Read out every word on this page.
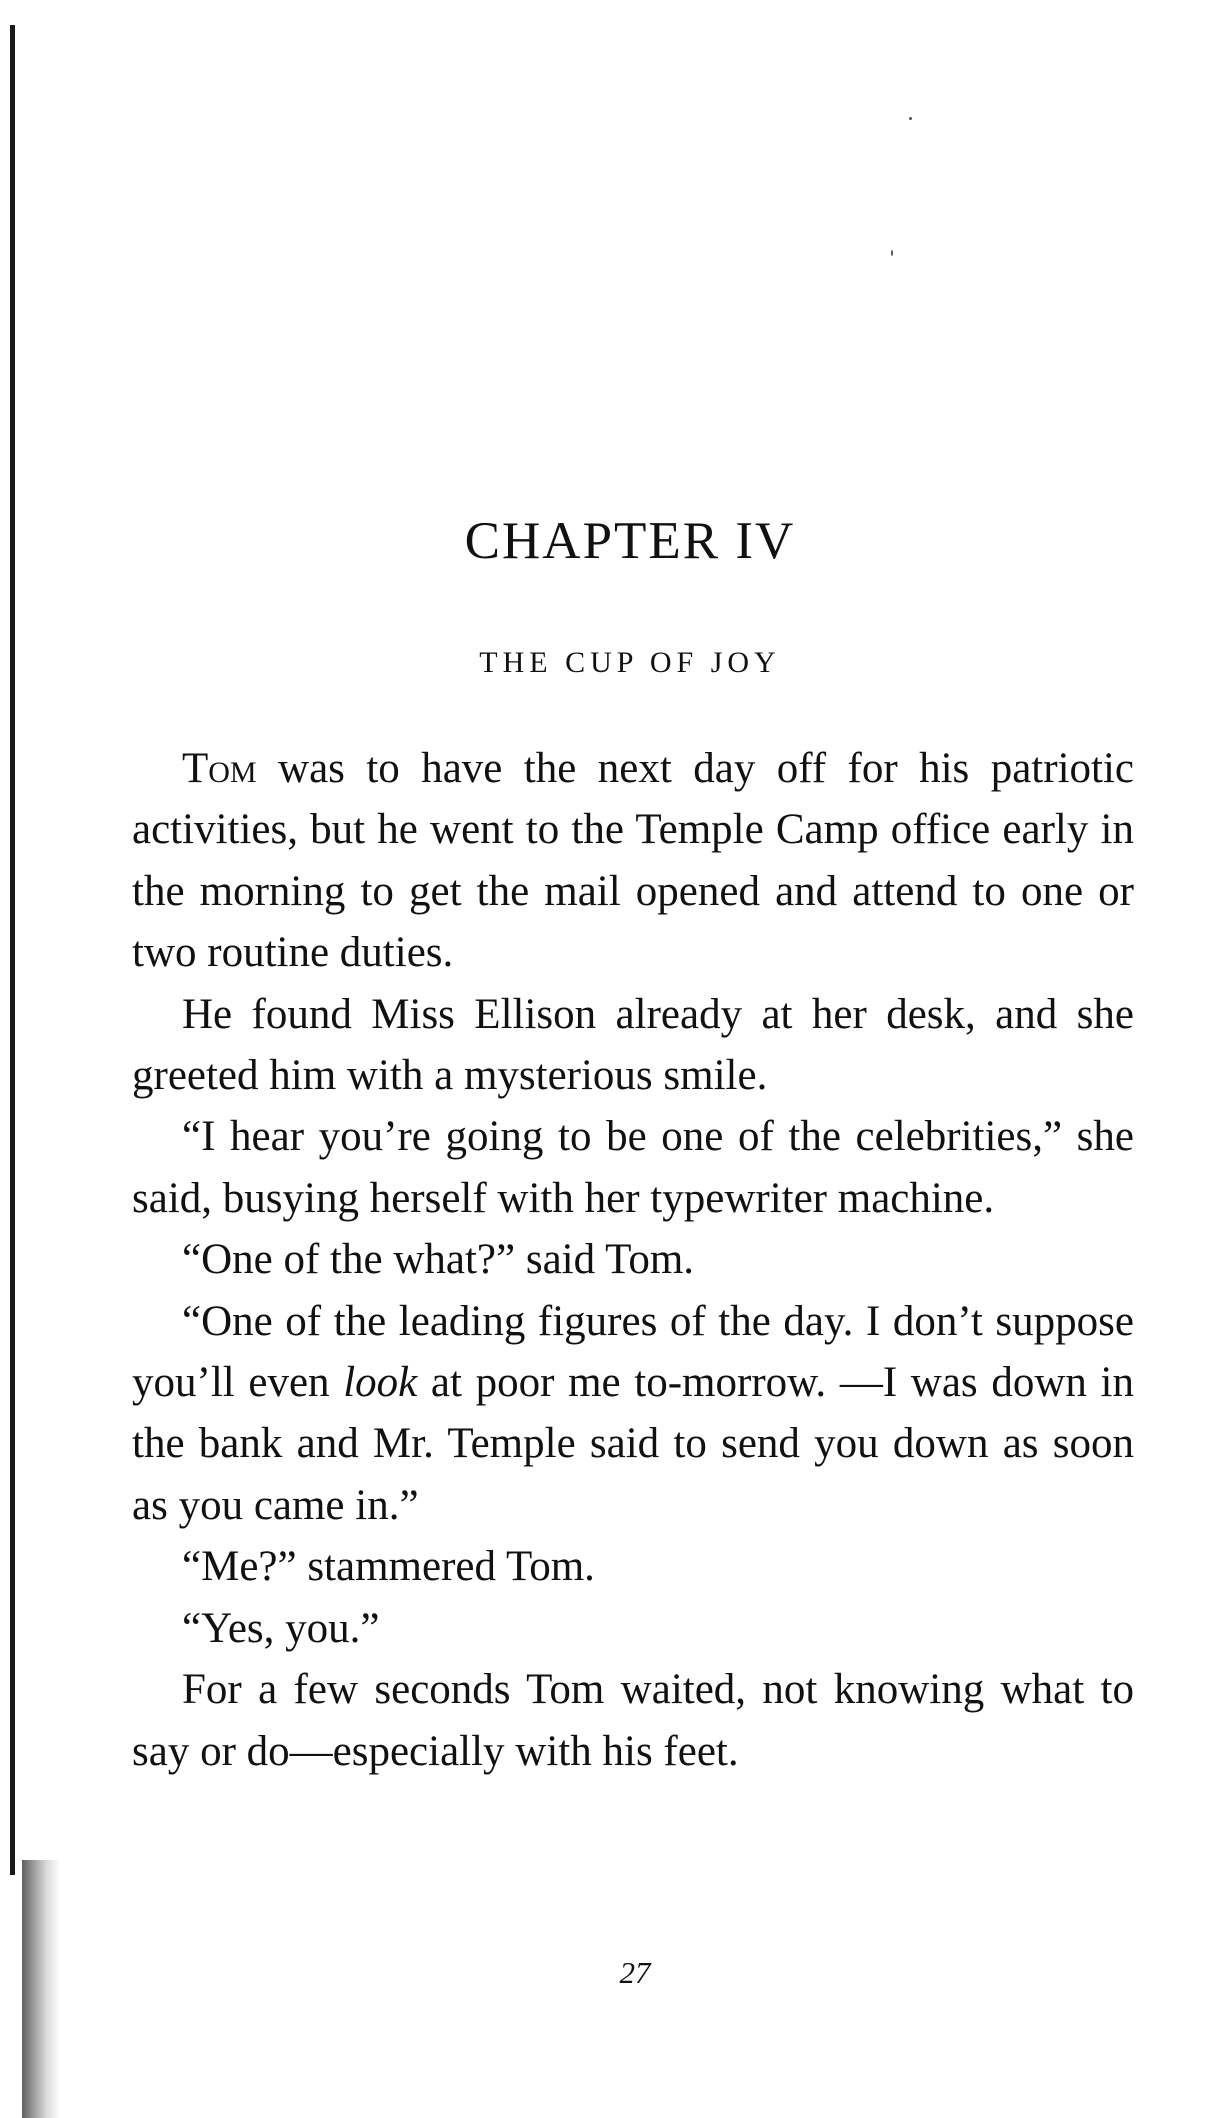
CHAPTER IV
THE CUP OF JOY

Tom was to have the next day off for his patriotic activities, but he went to the Temple Camp office early in the morning to get the mail opened and attend to one or two routine duties.

He found Miss Ellison already at her desk, and she greeted him with a mysterious smile.

“I hear you’re going to be one of the celebrities,” she said, busying herself with her typewriter machine.

“One of the what?” said Tom.

“One of the leading figures of the day. I don’t suppose you’ll even look at poor me to-morrow. —I was down in the bank and Mr. Temple said to send you down as soon as you came in.”

“Me?” stammered Tom.

“Yes, you.”

For a few seconds Tom waited, not knowing what to say or do—especially with his feet.

27
